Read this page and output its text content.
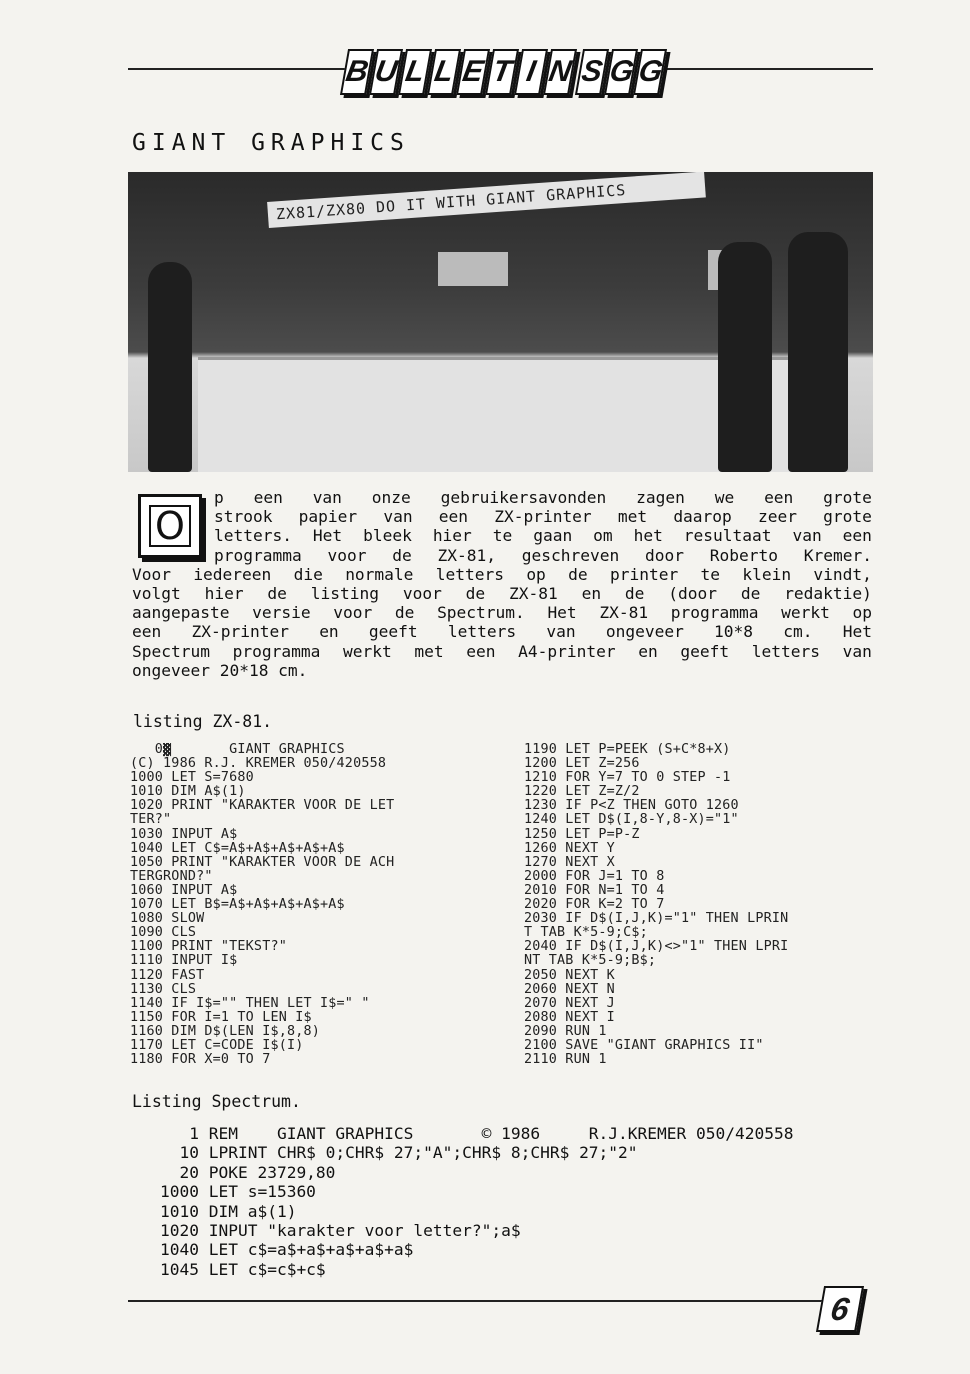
B U L L E T I N S G G
GIANT GRAPHICS
ZX81/ZX80 DO IT WITH GIANT GRAPHICS
O
p een van onze gebruikersavonden zagen we een grote
strook papier van een ZX-printer met daarop zeer grote
letters. Het bleek hier te gaan om het resultaat van een
programma voor de ZX-81, geschreven door Roberto Kremer.
Voor iedereen die normale letters op de printer te klein vindt,
volgt hier de listing voor de ZX-81 en de (door de redaktie)
aangepaste versie voor de Spectrum. Het ZX-81 programma werkt op
een ZX-printer en geeft letters van ongeveer 10*8 cm. Het
Spectrum programma werkt met een A4-printer en geeft letters van
ongeveer 20*18 cm.
listing ZX-81.
0▓       GIANT GRAPHICS
(C) 1986 R.J. KREMER 050/420558
1000 LET S=7680
1010 DIM A$(1)
1020 PRINT "KARAKTER VOOR DE LET
TER?"
1030 INPUT A$
1040 LET C$=A$+A$+A$+A$+A$
1050 PRINT "KARAKTER VOOR DE ACH
TERGROND?"
1060 INPUT A$
1070 LET B$=A$+A$+A$+A$+A$
1080 SLOW
1090 CLS
1100 PRINT "TEKST?"
1110 INPUT I$
1120 FAST
1130 CLS
1140 IF I$="" THEN LET I$=" "
1150 FOR I=1 TO LEN I$
1160 DIM D$(LEN I$,8,8)
1170 LET C=CODE I$(I)
1180 FOR X=0 TO 7
1190 LET P=PEEK (S+C*8+X)
1200 LET Z=256
1210 FOR Y=7 TO 0 STEP -1
1220 LET Z=Z/2
1230 IF P<Z THEN GOTO 1260
1240 LET D$(I,8-Y,8-X)="1"
1250 LET P=P-Z
1260 NEXT Y
1270 NEXT X
2000 FOR J=1 TO 8
2010 FOR N=1 TO 4
2020 FOR K=2 TO 7
2030 IF D$(I,J,K)="1" THEN LPRIN
T TAB K*5-9;C$;
2040 IF D$(I,J,K)<>"1" THEN LPRI
NT TAB K*5-9;B$;
2050 NEXT K
2060 NEXT N
2070 NEXT J
2080 NEXT I
2090 RUN 1
2100 SAVE "GIANT GRAPHICS II"
2110 RUN 1
Listing Spectrum.
1 REM    GIANT GRAPHICS       © 1986     R.J.KREMER 050/420558
10 LPRINT CHR$ 0;CHR$ 27;"A";CHR$ 8;CHR$ 27;"2"
20 POKE 23729,80
1000 LET s=15360
1010 DIM a$(1)
1020 INPUT "karakter voor letter?";a$
1040 LET c$=a$+a$+a$+a$+a$
1045 LET c$=c$+c$
6
